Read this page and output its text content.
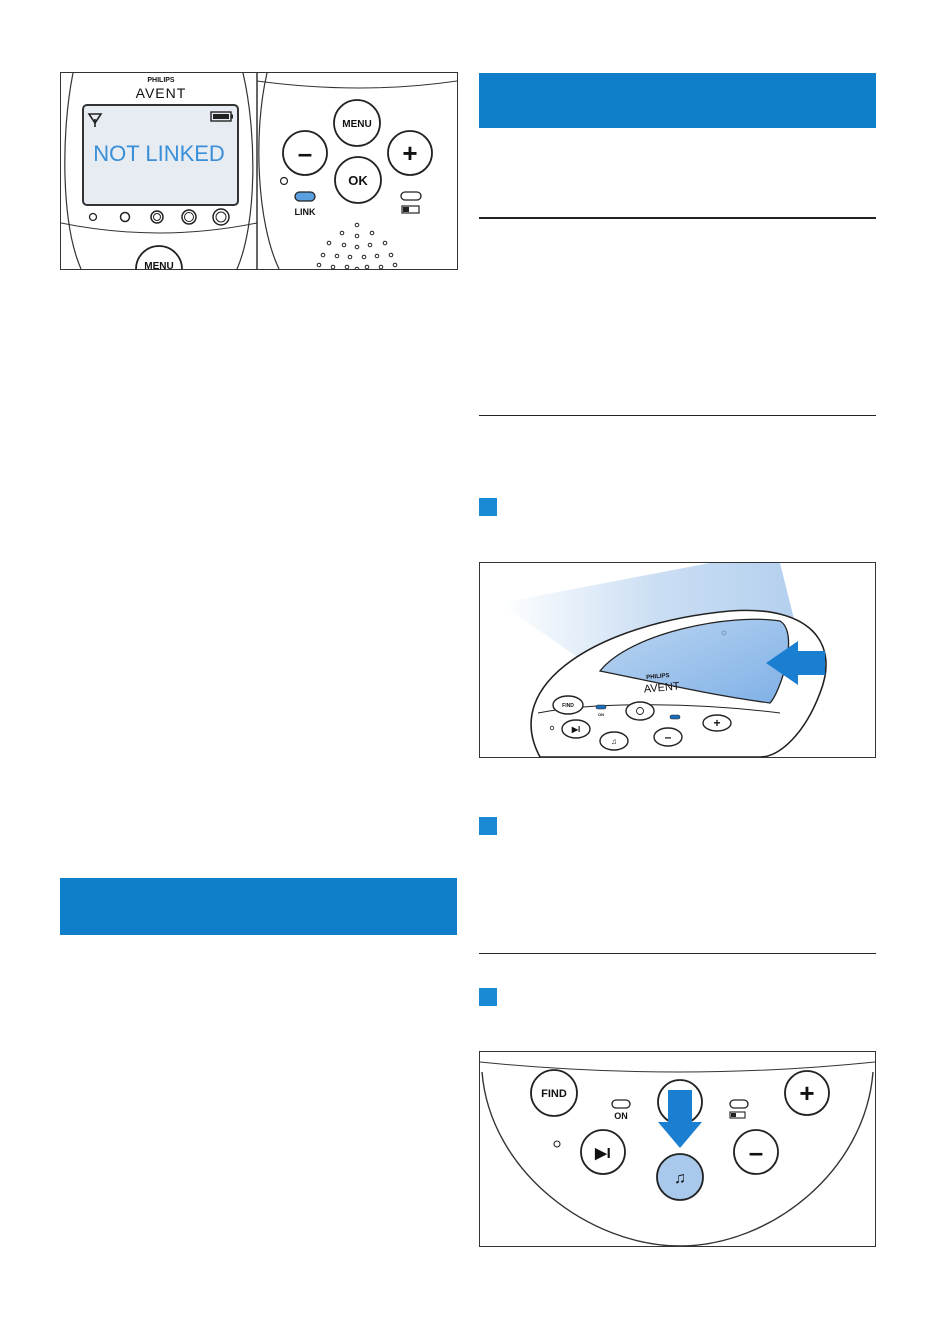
PHILIPS
AVENT
NOT LINKED
MENU
MENU
–	+
OK
LINK
PHILIPS
AVENT
FIND
ON
+
▶I
♫	–
FIND
ON
+
▶I
♫
–
